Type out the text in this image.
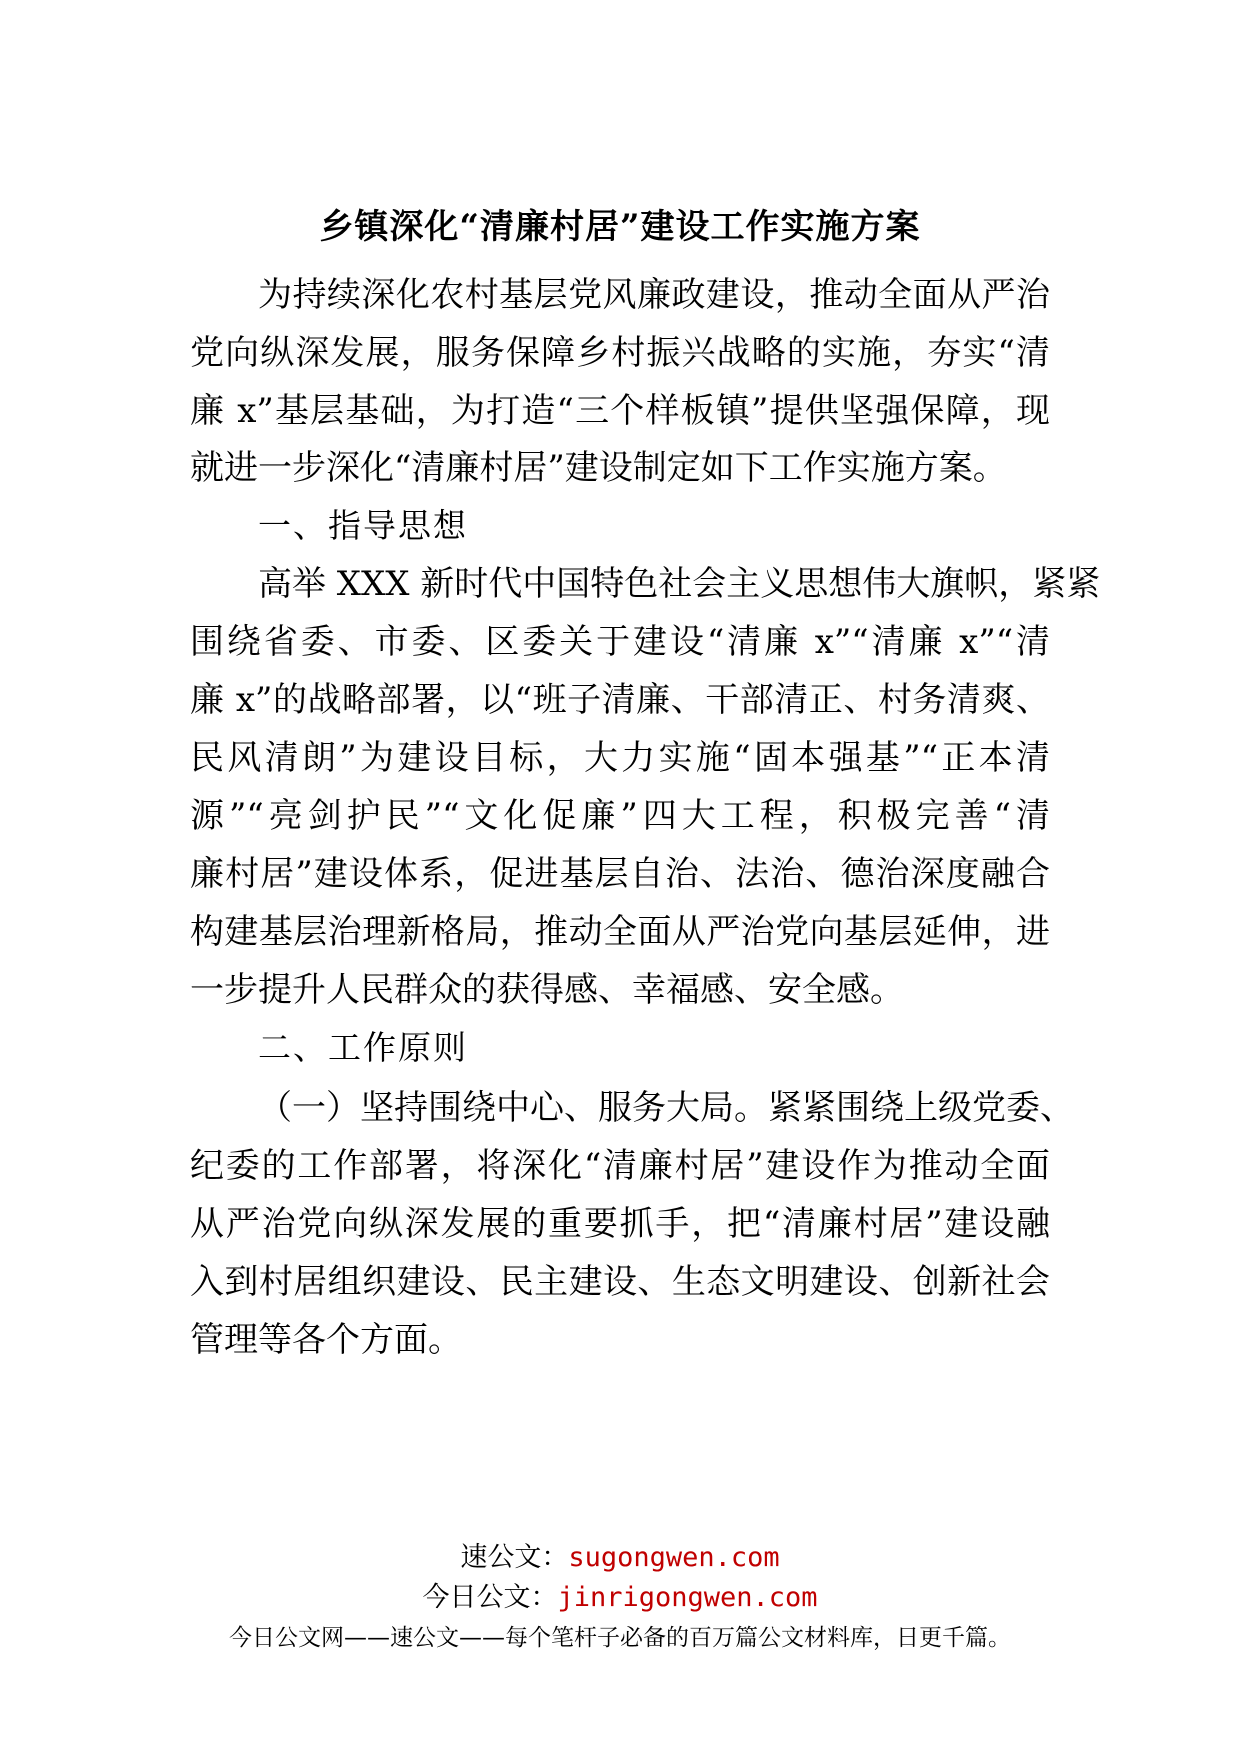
乡镇深化“清廉村居”建设工作实施方案
为持续深化农村基层党风廉政建设，推动全面从严治
党向纵深发展，服务保障乡村振兴战略的实施，夯实“清
廉 x”基层基础，为打造“三个样板镇”提供坚强保障，现
就进一步深化“清廉村居”建设制定如下工作实施方案。
一、指导思想
高举 XXX 新时代中国特色社会主义思想伟大旗帜，紧紧
围绕省委、市委、区委关于建设“清廉 x”“清廉 x”“清
廉 x”的战略部署，以“班子清廉、干部清正、村务清爽、
民风清朗”为建设目标，大力实施“固本强基”“正本清
源”“亮剑护民”“文化促廉”四大工程，积极完善“清
廉村居”建设体系，促进基层自治、法治、德治深度融合
构建基层治理新格局，推动全面从严治党向基层延伸，进
一步提升人民群众的获得感、幸福感、安全感。
二、工作原则
（一）坚持围绕中心、服务大局。紧紧围绕上级党委、
纪委的工作部署，将深化“清廉村居”建设作为推动全面
从严治党向纵深发展的重要抓手，把“清廉村居”建设融
入到村居组织建设、民主建设、生态文明建设、创新社会
管理等各个方面。
速公文：sugongwen.com
今日公文：jinrigongwen.com
今日公文网——速公文——每个笔杆子必备的百万篇公文材料库，日更千篇。
